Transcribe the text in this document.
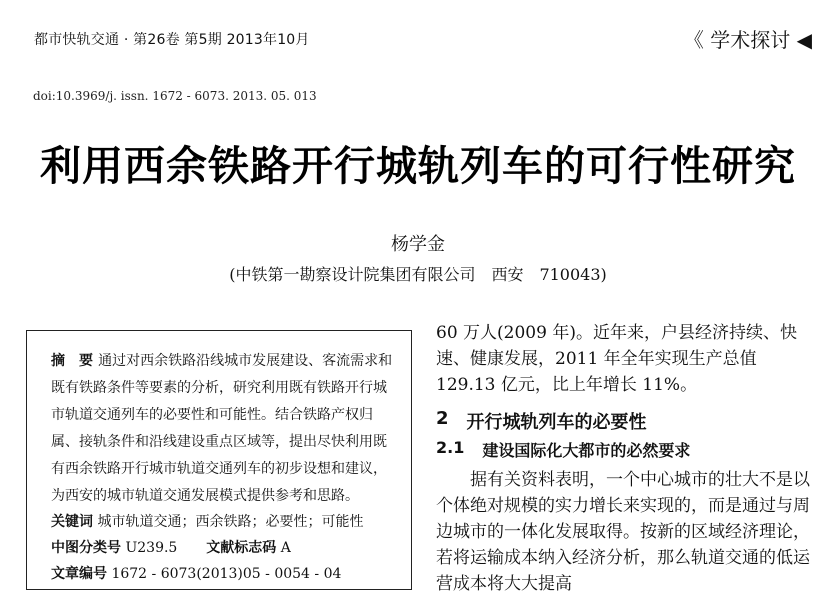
都市快轨交通 · 第26卷 第5期 2013年10月	《 学术探讨 ◀
doi:10.3969/j. issn. 1672 - 6073. 2013. 05. 013
利用西余铁路开行城轨列车的可行性研究
杨学金
(中铁第一勘察设计院集团有限公司　西安　710043)
摘　要 通过对西余铁路沿线城市发展建设、客流需求和既有铁路条件等要素的分析，研究利用既有铁路开行城市轨道交通列车的必要性和可能性。结合铁路产权归属、接轨条件和沿线建设重点区域等，提出尽快利用既有西余铁路开行城市轨道交通列车的初步设想和建议，为西安的城市轨道交通发展模式提供参考和思路。
关键词 城市轨道交通；西余铁路；必要性；可能性
中图分类号 U239.5 文献标志码 A
文章编号 1672 - 6073(2013)05 - 0054 - 04

60 万人(2009 年)。近年来，户县经济持续、快速、健康发展，2011 年全年实现生产总值 129.13 亿元，比上年增长 11%。

2 开行城轨列车的必要性
2.1 建设国际化大都市的必然要求

据有关资料表明，一个中心城市的壮大不是以个体绝对规模的实力增长来实现的，而是通过与周边城市的一体化发展取得。按新的区域经济理论，若将运输成本纳入经济分析，那么轨道交通的低运营成本将大大提高
